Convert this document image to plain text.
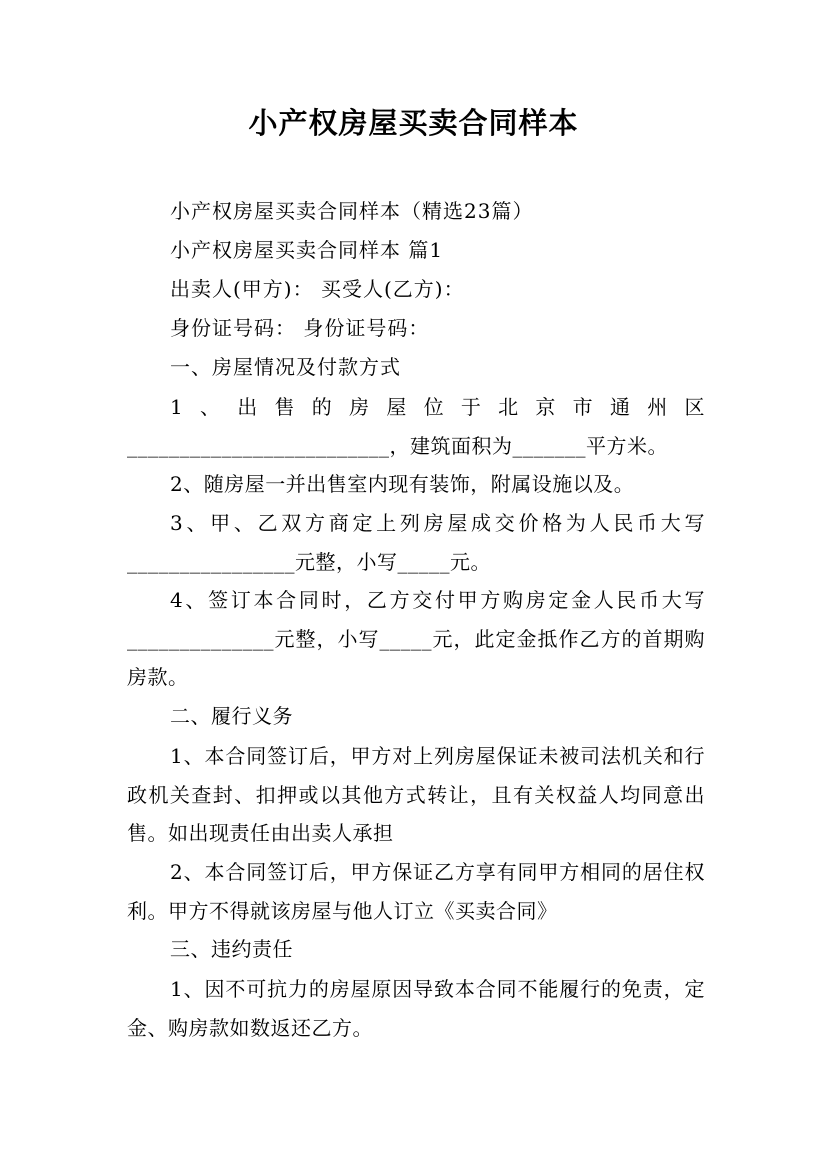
小产权房屋买卖合同样本
小产权房屋买卖合同样本（精选23篇）
小产权房屋买卖合同样本 篇1
出卖人(甲方)： 买受人(乙方)：
身份证号码： 身份证号码：
一、房屋情况及付款方式
1、出售的房屋位于北京市通州区_________________________，建筑面积为_______平方米。
2、随房屋一并出售室内现有装饰，附属设施以及。
3、甲、乙双方商定上列房屋成交价格为人民币大写________________元整，小写_____元。
4、签订本合同时，乙方交付甲方购房定金人民币大写______________元整，小写_____元，此定金抵作乙方的首期购房款。
二、履行义务
1、本合同签订后，甲方对上列房屋保证未被司法机关和行政机关查封、扣押或以其他方式转让，且有关权益人均同意出售。如出现责任由出卖人承担
2、本合同签订后，甲方保证乙方享有同甲方相同的居住权利。甲方不得就该房屋与他人订立《买卖合同》
三、违约责任
1、因不可抗力的房屋原因导致本合同不能履行的免责，定金、购房款如数返还乙方。
